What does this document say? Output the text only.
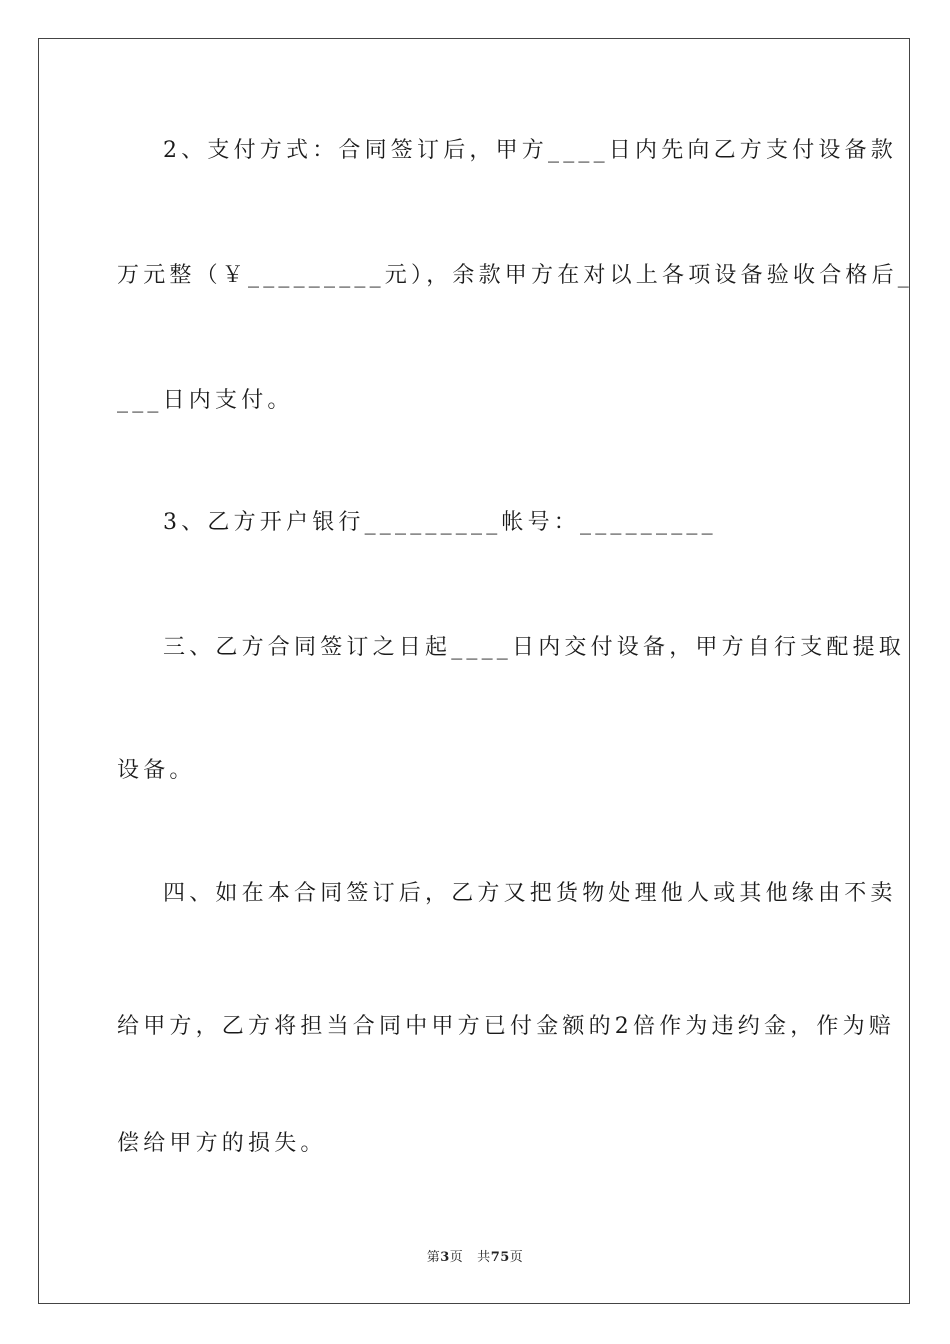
2、支付方式：合同签订后，甲方____日内先向乙方支付设备款
万元整（￥_________元），余款甲方在对以上各项设备验收合格后_
___日内支付。
3、乙方开户银行_________帐号：_________
三、乙方合同签订之日起____日内交付设备，甲方自行支配提取
设备。
四、如在本合同签订后，乙方又把货物处理他人或其他缘由不卖
给甲方，乙方将担当合同中甲方已付金额的2倍作为违约金，作为赔
偿给甲方的损失。
第3页 共75页
